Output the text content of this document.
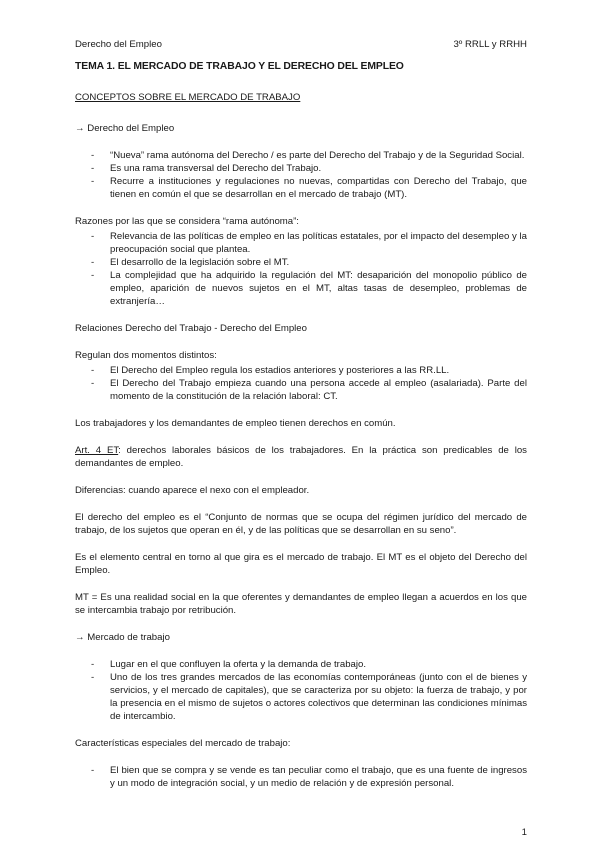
Derecho del Empleo	3º RRLL y RRHH
TEMA 1. EL MERCADO DE TRABAJO Y EL DERECHO DEL EMPLEO
CONCEPTOS SOBRE EL MERCADO DE TRABAJO
→ Derecho del Empleo
- “Nueva” rama autónoma del Derecho / es parte del Derecho del Trabajo y de la Seguridad Social.
- Es una rama transversal del Derecho del Trabajo.
- Recurre a instituciones y regulaciones no nuevas, compartidas con Derecho del Trabajo, que tienen en común el que se desarrollan en el mercado de trabajo (MT).
Razones por las que se considera “rama autónoma”:
- Relevancia de las políticas de empleo en las políticas estatales, por el impacto del desempleo y la preocupación social que plantea.
- El desarrollo de la legislación sobre el MT.
- La complejidad que ha adquirido la regulación del MT: desaparición del monopolio público de empleo, aparición de nuevos sujetos en el MT, altas tasas de desempleo, problemas de extranjería…
Relaciones Derecho del Trabajo - Derecho del Empleo
Regulan dos momentos distintos:
- El Derecho del Empleo regula los estadios anteriores y posteriores a las RR.LL.
- El Derecho del Trabajo empieza cuando una persona accede al empleo (asalariada). Parte del momento de la constitución de la relación laboral: CT.
Los trabajadores y los demandantes de empleo tienen derechos en común.
Art. 4 ET: derechos laborales básicos de los trabajadores. En la práctica son predicables de los demandantes de empleo.
Diferencias: cuando aparece el nexo con el empleador.
El derecho del empleo es el “Conjunto de normas que se ocupa del régimen jurídico del mercado de trabajo, de los sujetos que operan en él, y de las políticas que se desarrollan en su seno”.
Es el elemento central en torno al que gira es el mercado de trabajo. El MT es el objeto del Derecho del Empleo.
MT = Es una realidad social en la que oferentes y demandantes de empleo llegan a acuerdos en los que se intercambia trabajo por retribución.
→ Mercado de trabajo
- Lugar en el que confluyen la oferta y la demanda de trabajo.
- Uno de los tres grandes mercados de las economías contemporáneas (junto con el de bienes y servicios, y el mercado de capitales), que se caracteriza por su objeto: la fuerza de trabajo, y por la presencia en el mismo de sujetos o actores colectivos que determinan las condiciones mínimas de intercambio.
Características especiales del mercado de trabajo:
- El bien que se compra y se vende es tan peculiar como el trabajo, que es una fuente de ingresos y un modo de integración social, y un medio de relación y de expresión personal.
1
